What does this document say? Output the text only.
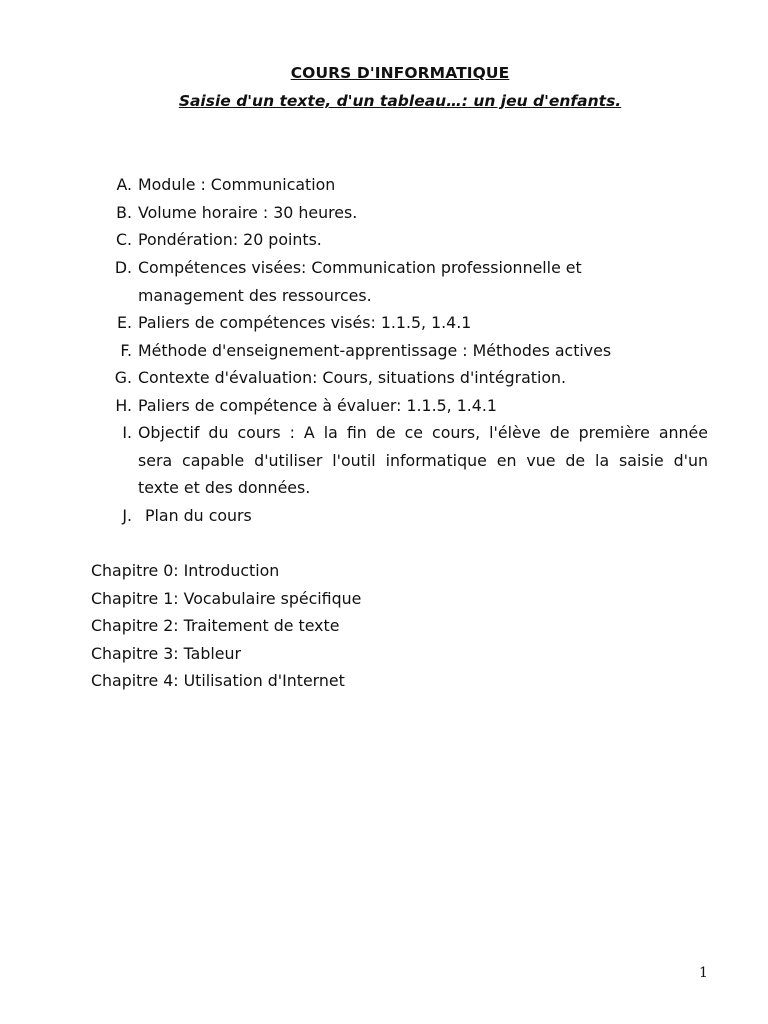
COURS D'INFORMATIQUE
Saisie d'un texte, d'un tableau…: un jeu d'enfants.
A. Module : Communication
B. Volume horaire : 30 heures.
C. Pondération: 20 points.
D. Compétences visées: Communication professionnelle et
management des ressources.
E. Paliers de compétences visés: 1.1.5, 1.4.1
F. Méthode d'enseignement-apprentissage : Méthodes actives
G. Contexte d'évaluation: Cours, situations d'intégration.
H. Paliers de compétence à évaluer: 1.1.5, 1.4.1
I. Objectif du cours : A la fin de ce cours, l'élève de première année
sera capable d'utiliser l'outil informatique en vue de la saisie d'un
texte et des données.
J. Plan du cours
Chapitre 0: Introduction
Chapitre 1: Vocabulaire spécifique
Chapitre 2: Traitement de texte
Chapitre 3: Tableur
Chapitre 4: Utilisation d'Internet
1
